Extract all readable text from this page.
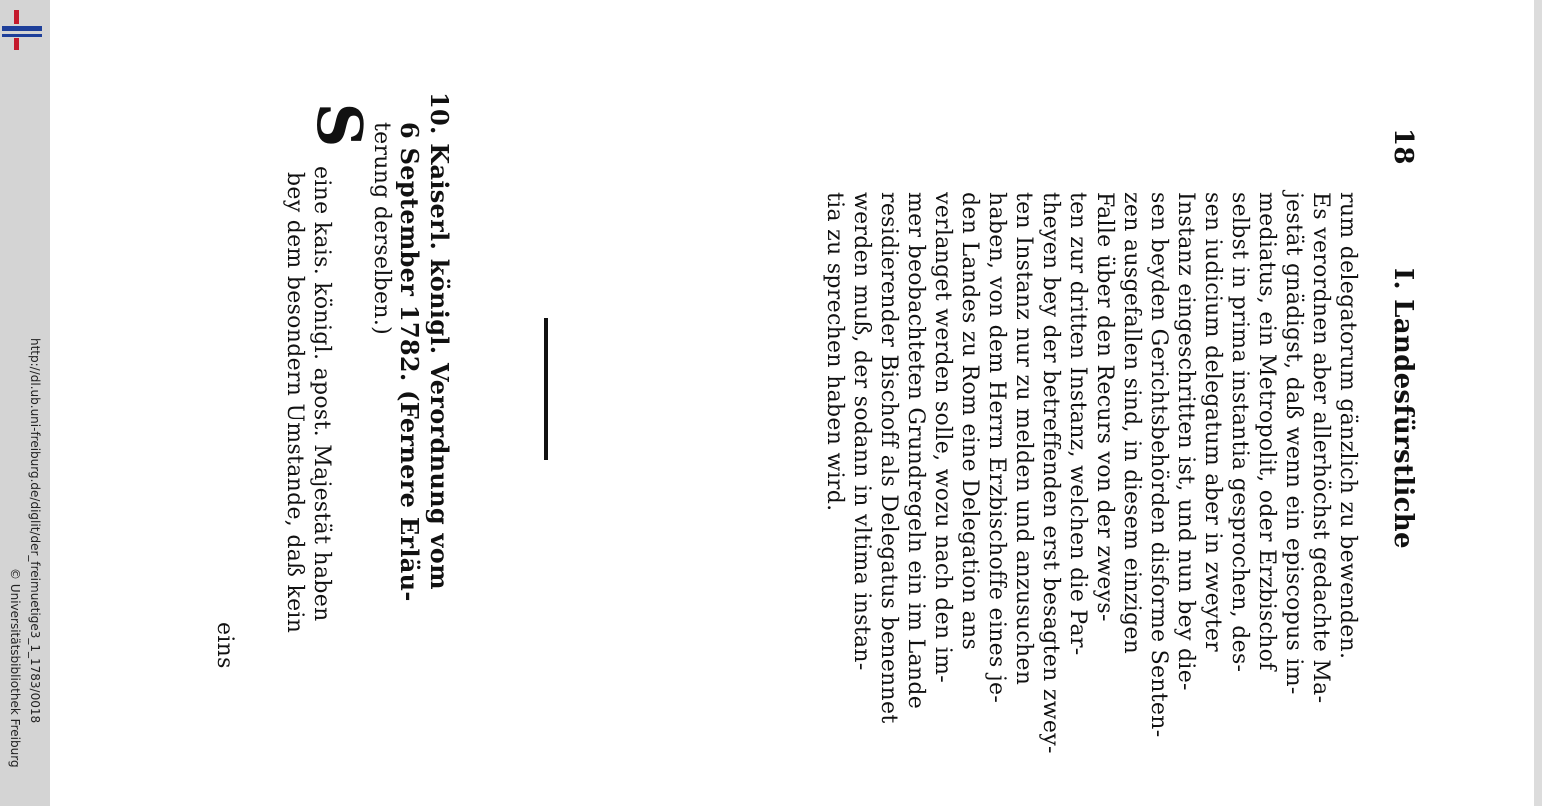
http://dl.ub.uni-freiburg.de/diglit/der_freimuetige3_1_1783/0018
© Universitätsbibliothek Freiburg
18
I. Landesfürstliche
rum delegatorum gänzlich zu bewenden.
Es verordnen aber allerhöchst gedachte Ma-
jestät gnädigst, daß wenn ein episcopus im-
mediatus, ein Metropolit, oder Erzbischof
selbst in prima instantia gesprochen, des-
sen iudicium delegatum aber in zweyter
Instanz eingeschritten ist, und nun bey die-
sen beyden Gerichtsbehörden disforme Senten-
zen ausgefallen sind, in diesem einzigen
Falle über den Recurs von der zweys-
ten zur dritten Instanz, welchen die Par-
theyen bey der betreffenden erst besagten zwey-
ten Instanz nur zu melden und anzusuchen
haben, von dem Herrn Erzbischoffe eines je-
den Landes zu Rom eine Delegation ans
verlanget werden solle, wozu nach den im-
mer beobachteten Grundregeln ein im Lande
residierender Bischoff als Delegatus benennet
werden muß, der sodann in vltima instan-
tia zu sprechen haben wird.
10. Kaiserl. königl. Verordnung vom
6 September 1782. (Fernere Erläu-
terung derselben.)
S
eine kais. königl. apost. Majestät haben
bey dem besondern Umstande, daß kein
eins
